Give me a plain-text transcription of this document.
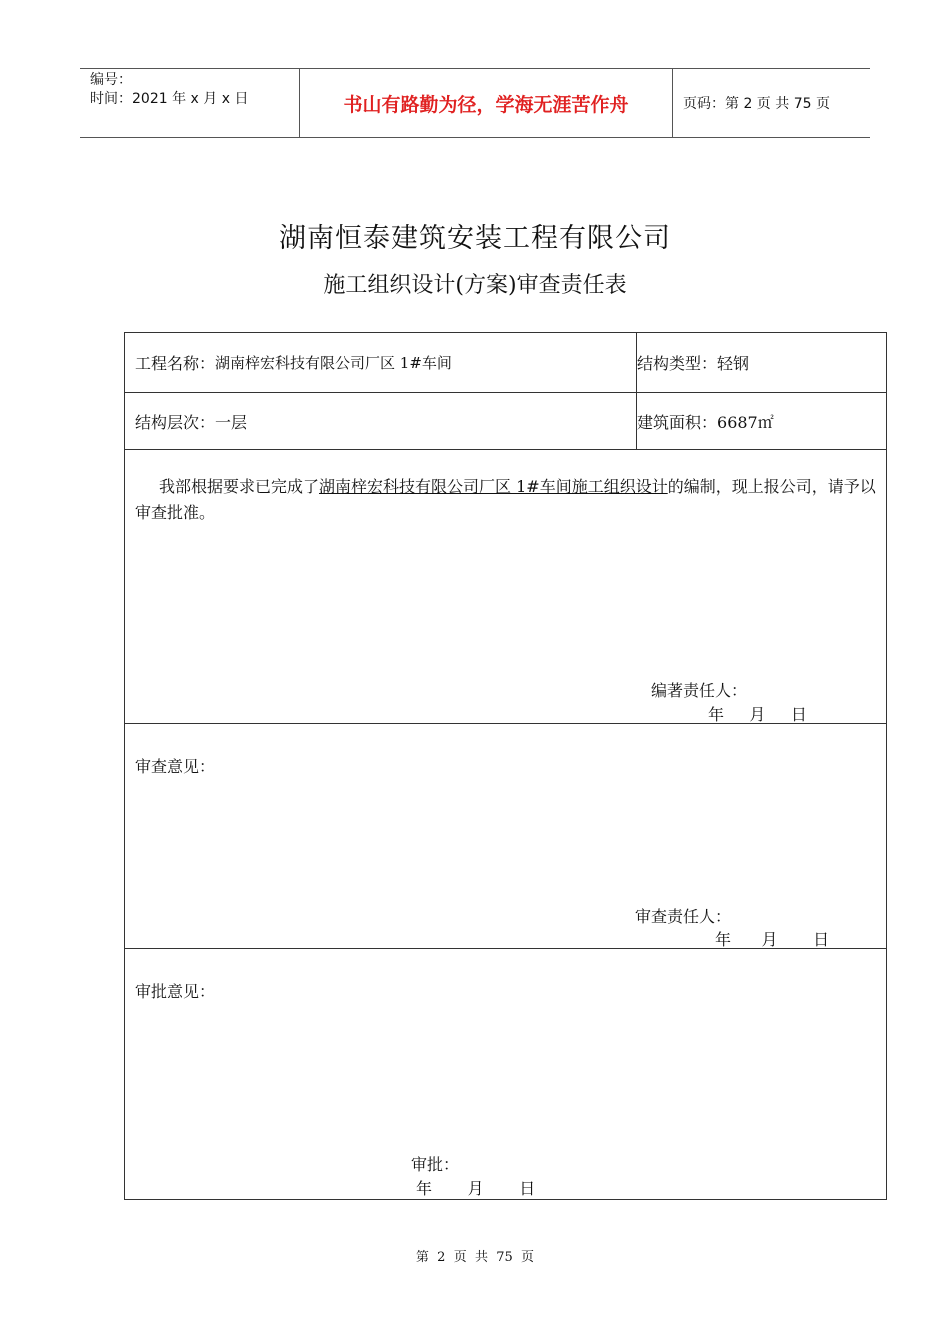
编号：
时间：2021 年 x 月 x 日	书山有路勤为径，学海无涯苦作舟	页码：第 2 页 共 75 页
湖南恒泰建筑安装工程有限公司
施工组织设计(方案)审查责任表
工程名称： 湖南梓宏科技有限公司厂区 1#车间	结构类型：轻钢
结构层次：一层	建筑面积： 6687㎡
我部根据要求已完成了湖南梓宏科技有限公司厂区 1#车间施工组织设计的编制，现上报公司，请予以审查批准。
编著责任人：
年     月     日
审查意见：
审查责任人：
年      月       日
审批意见：
审批：
年       月       日
第  2  页  共  75  页
